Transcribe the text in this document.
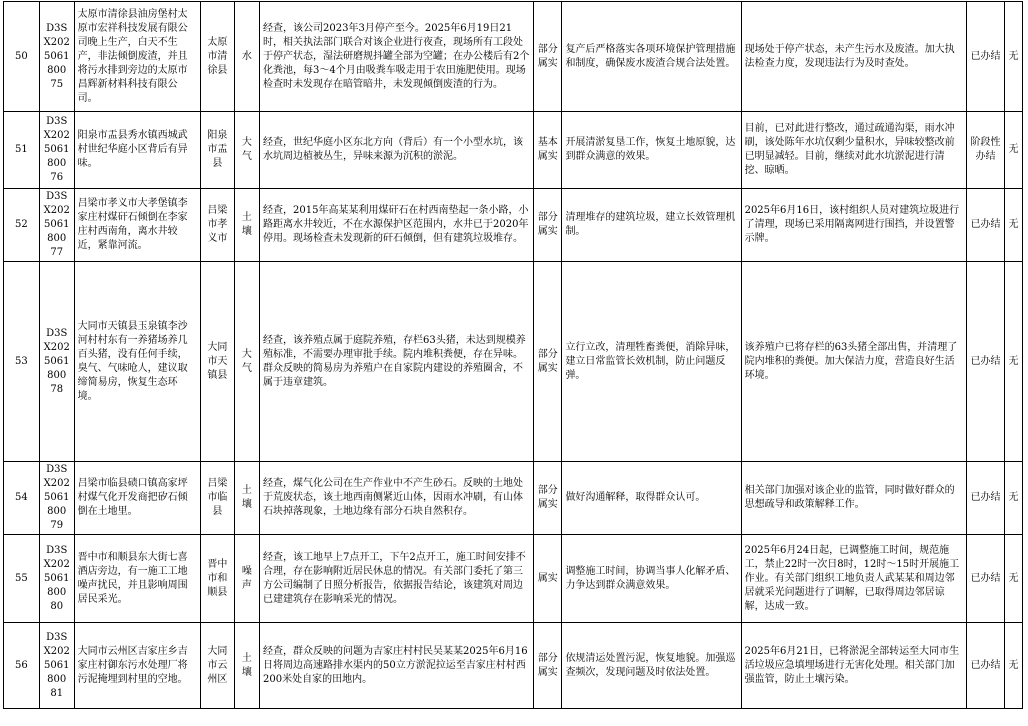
50	D3SX2025061800 75	太原市清徐县油房堡村太原市宏祥科技发展有限公司晚上生产，白天不生产，非法倾倒废渣，并且将污水排到旁边的太原市昌辉新材料科技有限公司。	太原市清徐县	水	经查，该公司2023年3月停产至今。2025年6月19日21时，相关执法部门联合对该企业进行夜查，现场所有工段处于停产状态，湿法研磨规抖罐全部为空罐；在办公楼后有2个化粪池，每3～4个月由吸粪车吸走用于农田施肥使用。现场检查时未发现存在暗管暗井，未发现倾倒废渣的行为。	部分属实	复产后严格落实各项环境保护管理措施和制度，确保废水废渣合规合法处置。	现场处于停产状态，未产生污水及废渣。加大执法检查力度，发现违法行为及时查处。	已办结	无
51	D3SX2025061800 76	阳泉市盂县秀水镇西城武村世纪华庭小区背后有异味。	阳泉市盂县	大气	经查，世纪华庭小区东北方向（背后）有一个小型水坑，该水坑周边植被丛生，异味来源为沉积的淤泥。	基本属实	开展清淤复垦工作，恢复土地原貌，达到群众满意的效果。	目前，已对此进行整改，通过疏通沟渠，雨水冲刷，该处陈年水坑仅剩少量积水，异味较整改前已明显减轻。目前，继续对此水坑淤泥进行清挖、晾晒。	阶段性办结	无
52	D3SX2025061800 77	吕梁市孝义市大孝堡镇李家庄村煤矸石倾倒在李家庄村西南角，离水井较近，紧靠河流。	吕梁市孝义市	土壤	经查，2015年高某某利用煤矸石在村西南垫起一条小路，小路距离水井较近，不在水源保护区范围内，水井已于2020年停用。现场检查未发现新的矸石倾倒，但有建筑垃圾堆存。	部分属实	清理堆存的建筑垃圾，建立长效管理机制。	2025年6月16日，该村组织人员对建筑垃圾进行了清理，现场已采用隔离网进行围挡，并设置警示牌。	已办结	无
53	D3SX2025061800 78	大同市天镇县玉泉镇李沙河村村东有一养猪场养几百头猪，没有任何手续，臭气、气味呛人，建议取缔简易房，恢复生态环境。	大同市天镇县	大气	经查，该养殖点属于庭院养殖，存栏63头猪，未达到规模养殖标准，不需要办理审批手续。院内堆积粪便，存在异味。群众反映的简易房为养殖户在自家院内建设的养殖圈舍，不属于违章建筑。	部分属实	立行立改，清理牲畜粪便，消除异味，建立日常监管长效机制，防止问题反弹。	该养殖户已将存栏的63头猪全部出售，并清理了院内堆积的粪便。加大保洁力度，营造良好生活环境。	已办结	无
54	D3SX2025061800 79	吕梁市临县碛口镇高家坪村煤气化开发商把矽石倾倒在土地里。	吕梁市临县	土壤	经查，煤气化公司在生产作业中不产生砂石。反映的土地处于荒废状态，该土地西南侧紧近山体，因雨水冲刷，有山体石块掉落现象，土地边缘有部分石块自然积存。	部分属实	做好沟通解释，取得群众认可。	相关部门加强对该企业的监管，同时做好群众的思想疏导和政策解释工作。	已办结	无
55	D3SX2025061800 80	晋中市和顺县东大街七喜酒店旁边，有一施工工地噪声扰民，并且影响周围居民采光。	晋中市和顺县	噪声	经查，该工地早上7点开工，下午2点开工，施工时间安排不合理，存在影响附近居民休息的情况。有关部门委托了第三方公司编制了日照分析报告，依据报告结论，该建筑对周边已建建筑存在影响采光的情况。	属实	调整施工时间，协调当事人化解矛盾、力争达到群众满意效果。	2025年6月24日起，已调整施工时间，规范施工，禁止22时一次日8时，12时～15时开展施工作业。有关部门组织工地负责人武某某和周边邻居就采光问题进行了调解，已取得周边邻居谅解，达成一致。	已办结	无
56	D3SX2025061800 81	大同市云州区吉家庄乡吉家庄村御东污水处理厂将污泥掩埋到村里的空地。	大同市云州区	土壤	经查，群众反映的问题为吉家庄村村民吴某某2025年6月16日将周边高速路排水渠内的50立方淤泥拉运至吉家庄村村西200米处自家的田地内。	部分属实	依规清运处置污泥，恢复地貌。加强巡查频次，发现问题及时依法处置。	2025年6月21日，已将淤泥全部转运至大同市生活垃圾应急填埋场进行无害化处理。相关部门加强监管，防止土壤污染。	已办结	无
